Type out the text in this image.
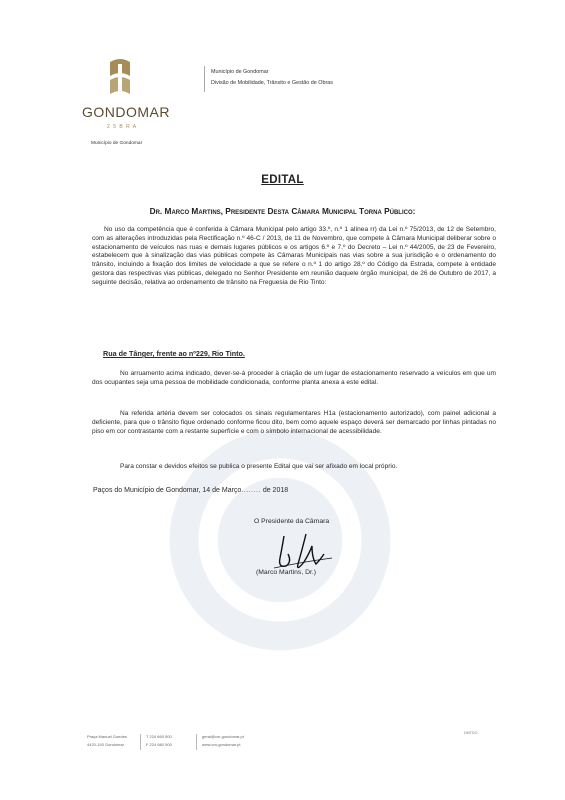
GONDOMAR
2 5 B R A
Município de Gondomar
Município de Gondomar
Divisão de Mobilidade, Trânsito e Gestão de Obras
EDITAL
Dr. Marco Martins, Presidente Desta Câmara Municipal Torna Público:
No uso da competência que é conferida à Câmara Municipal pelo artigo 33.º, n.º 1 alínea rr) da Lei n.º 75/2013, de 12 de Setembro, com as alterações introduzidas pela Rectificação n.º 46-C / 2013, de 11 de Novembro, que compete à Câmara Municipal deliberar sobre o estacionamento de veículos nas ruas e demais lugares públicos e os artigos 6.º e 7.º do Decreto – Lei n.º 44/2005, de 23 de Fevereiro, estabelecem que à sinalização das vias públicas compete às Câmaras Municipais nas vias sobre a sua jurisdição e o ordenamento do trânsito, incluindo a fixação dos limites de velocidade a que se refere o n.º 1 do artigo 28.º do Código da Estrada, compete à entidade gestora das respectivas vias públicas, delegado no Senhor Presidente em reunião daquele órgão municipal, de 26 de Outubro de 2017, a seguinte decisão, relativa ao ordenamento de trânsito na Freguesia de Rio Tinto:
Rua de Tânger, frente ao nº229, Rio Tinto.
No arruamento acima indicado, dever-se-á proceder à criação de um lugar de estacionamento reservado a veículos em que um dos ocupantes seja uma pessoa de mobilidade condicionada, conforme planta anexa a este edital.
Na referida artéria devem ser colocados os sinais regulamentares H1a (estacionamento autorizado), com painel adicional a deficiente, para que o trânsito fique ordenado conforme ficou dito, bem como aquele espaço deverá ser demarcado por linhas pintadas no piso em cor contrastante com a restante superfície e com o símbolo internacional de acessibilidade.
Para constar e devidos efeitos se publica o presente Edital que vai ser afixado em local próprio.
Paços do Município de Gondomar, 14 de Março........ de 2018
O Presidente da Câmara
(Marco Martins, Dr.)
Praça Manuel Guedes
4420-193 Gondomar
T 224 660 500
F 224 660 500
geral@cm-gondomar.pt
www.cm-gondomar.pt
DMTGO
